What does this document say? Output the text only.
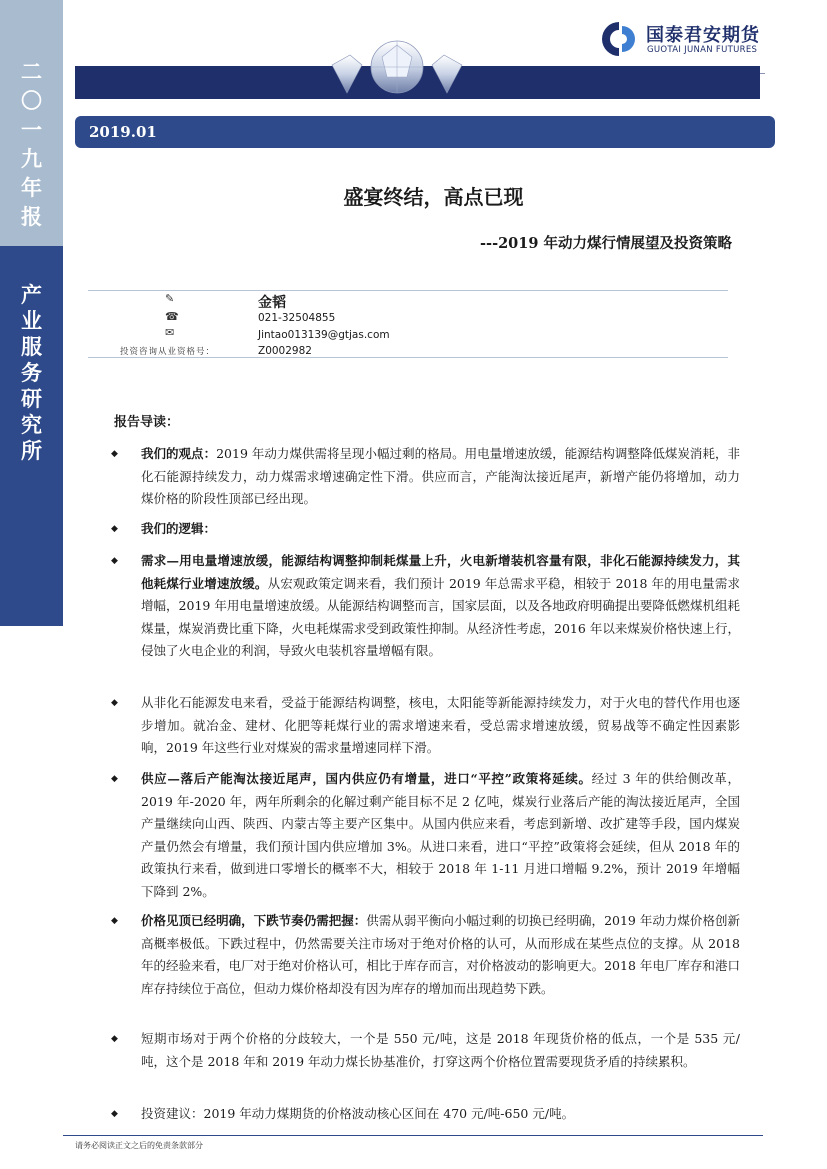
二
〇
一
九
年
报
产
业
服
务
研
究
所
国泰君安期货
GUOTAI JUNAN FUTURES
2019.01
盛宴终结，高点已现
---2019 年动力煤行情展望及投资策略
✎
☎
✉
金韬
021-32504855
Jintao013139@gtjas.com
投资咨询从业资格号：	Z0002982
报告导读：
◆ 我们的观点：2019 年动力煤供需将呈现小幅过剩的格局。用电量增速放缓，能源结构调整降低煤炭消耗，非化石能源持续发力，动力煤需求增速确定性下滑。供应而言，产能淘汰接近尾声，新增产能仍将增加，动力煤价格的阶段性顶部已经出现。

◆ 我们的逻辑：

◆ 需求—用电量增速放缓，能源结构调整抑制耗煤量上升，火电新增装机容量有限，非化石能源持续发力，其他耗煤行业增速放缓。从宏观政策定调来看，我们预计 2019 年总需求平稳，相较于 2018 年的用电量需求增幅，2019 年用电量增速放缓。从能源结构调整而言，国家层面，以及各地政府明确提出要降低燃煤机组耗煤量，煤炭消费比重下降，火电耗煤需求受到政策性抑制。从经济性考虑，2016 年以来煤炭价格快速上行，侵蚀了火电企业的利润，导致火电装机容量增幅有限。

◆ 从非化石能源发电来看，受益于能源结构调整，核电，太阳能等新能源持续发力，对于火电的替代作用也逐步增加。就冶金、建材、化肥等耗煤行业的需求增速来看，受总需求增速放缓，贸易战等不确定性因素影响，2019 年这些行业对煤炭的需求量增速同样下滑。

◆ 供应—落后产能淘汰接近尾声，国内供应仍有增量，进口“平控”政策将延续。经过 3 年的供给侧改革，2019 年-2020 年，两年所剩余的化解过剩产能目标不足 2 亿吨，煤炭行业落后产能的淘汰接近尾声，全国产量继续向山西、陕西、内蒙古等主要产区集中。从国内供应来看，考虑到新增、改扩建等手段，国内煤炭产量仍然会有增量，我们预计国内供应增加 3%。从进口来看，进口“平控”政策将会延续，但从 2018 年的政策执行来看，做到进口零增长的概率不大，相较于 2018 年 1-11 月进口增幅 9.2%，预计 2019 年增幅下降到 2%。

◆ 价格见顶已经明确，下跌节奏仍需把握：供需从弱平衡向小幅过剩的切换已经明确，2019 年动力煤价格创新高概率极低。下跌过程中，仍然需要关注市场对于绝对价格的认可，从而形成在某些点位的支撑。从 2018 年的经验来看，电厂对于绝对价格认可，相比于库存而言，对价格波动的影响更大。2018 年电厂库存和港口库存持续位于高位，但动力煤价格却没有因为库存的增加而出现趋势下跌。

◆ 短期市场对于两个价格的分歧较大，一个是 550 元/吨，这是 2018 年现货价格的低点，一个是 535 元/吨，这个是 2018 年和 2019 年动力煤长协基准价，打穿这两个价格位置需要现货矛盾的持续累积。

◆ 投资建议：2019 年动力煤期货的价格波动核心区间在 470 元/吨-650 元/吨。

请务必阅读正文之后的免责条款部分
